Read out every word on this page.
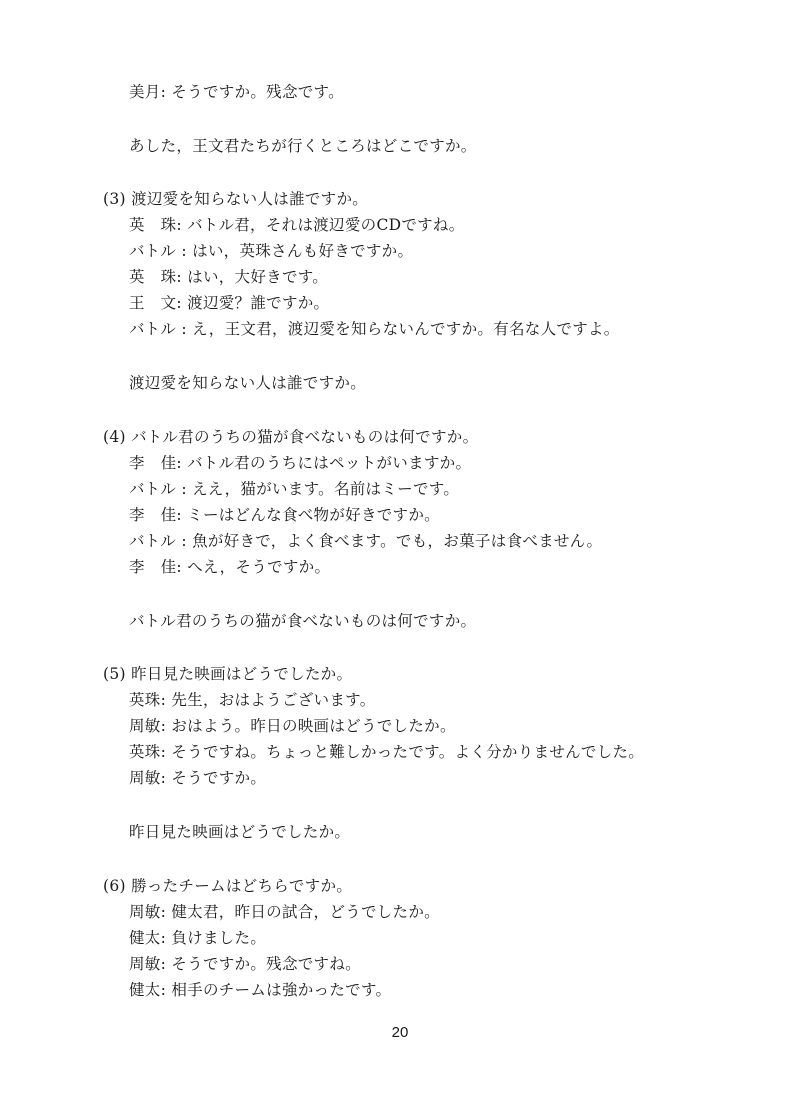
美月: そうですか。残念です。
あした，王文君たちが行くところはどこですか。
(3) 渡辺愛を知らない人は誰ですか。
英　珠: バトル君，それは渡辺愛のCDですね。
バトル : はい，英珠さんも好きですか。
英　珠: はい，大好きです。
王　文: 渡辺愛？誰ですか。
バトル : え，王文君，渡辺愛を知らないんですか。有名な人ですよ。
渡辺愛を知らない人は誰ですか。
(4) バトル君のうちの猫が食べないものは何ですか。
李　佳: バトル君のうちにはペットがいますか。
バトル : ええ，猫がいます。名前はミーです。
李　佳: ミーはどんな食べ物が好きですか。
バトル : 魚が好きで，よく食べます。でも，お菓子は食べません。
李　佳: へえ，そうですか。
バトル君のうちの猫が食べないものは何ですか。
(5) 昨日見た映画はどうでしたか。
英珠: 先生，おはようございます。
周敏: おはよう。昨日の映画はどうでしたか。
英珠: そうですね。ちょっと難しかったです。よく分かりませんでした。
周敏: そうですか。
昨日見た映画はどうでしたか。
(6) 勝ったチームはどちらですか。
周敏: 健太君，昨日の試合，どうでしたか。
健太: 負けました。
周敏: そうですか。残念ですね。
健太: 相手のチームは強かったです。
20
